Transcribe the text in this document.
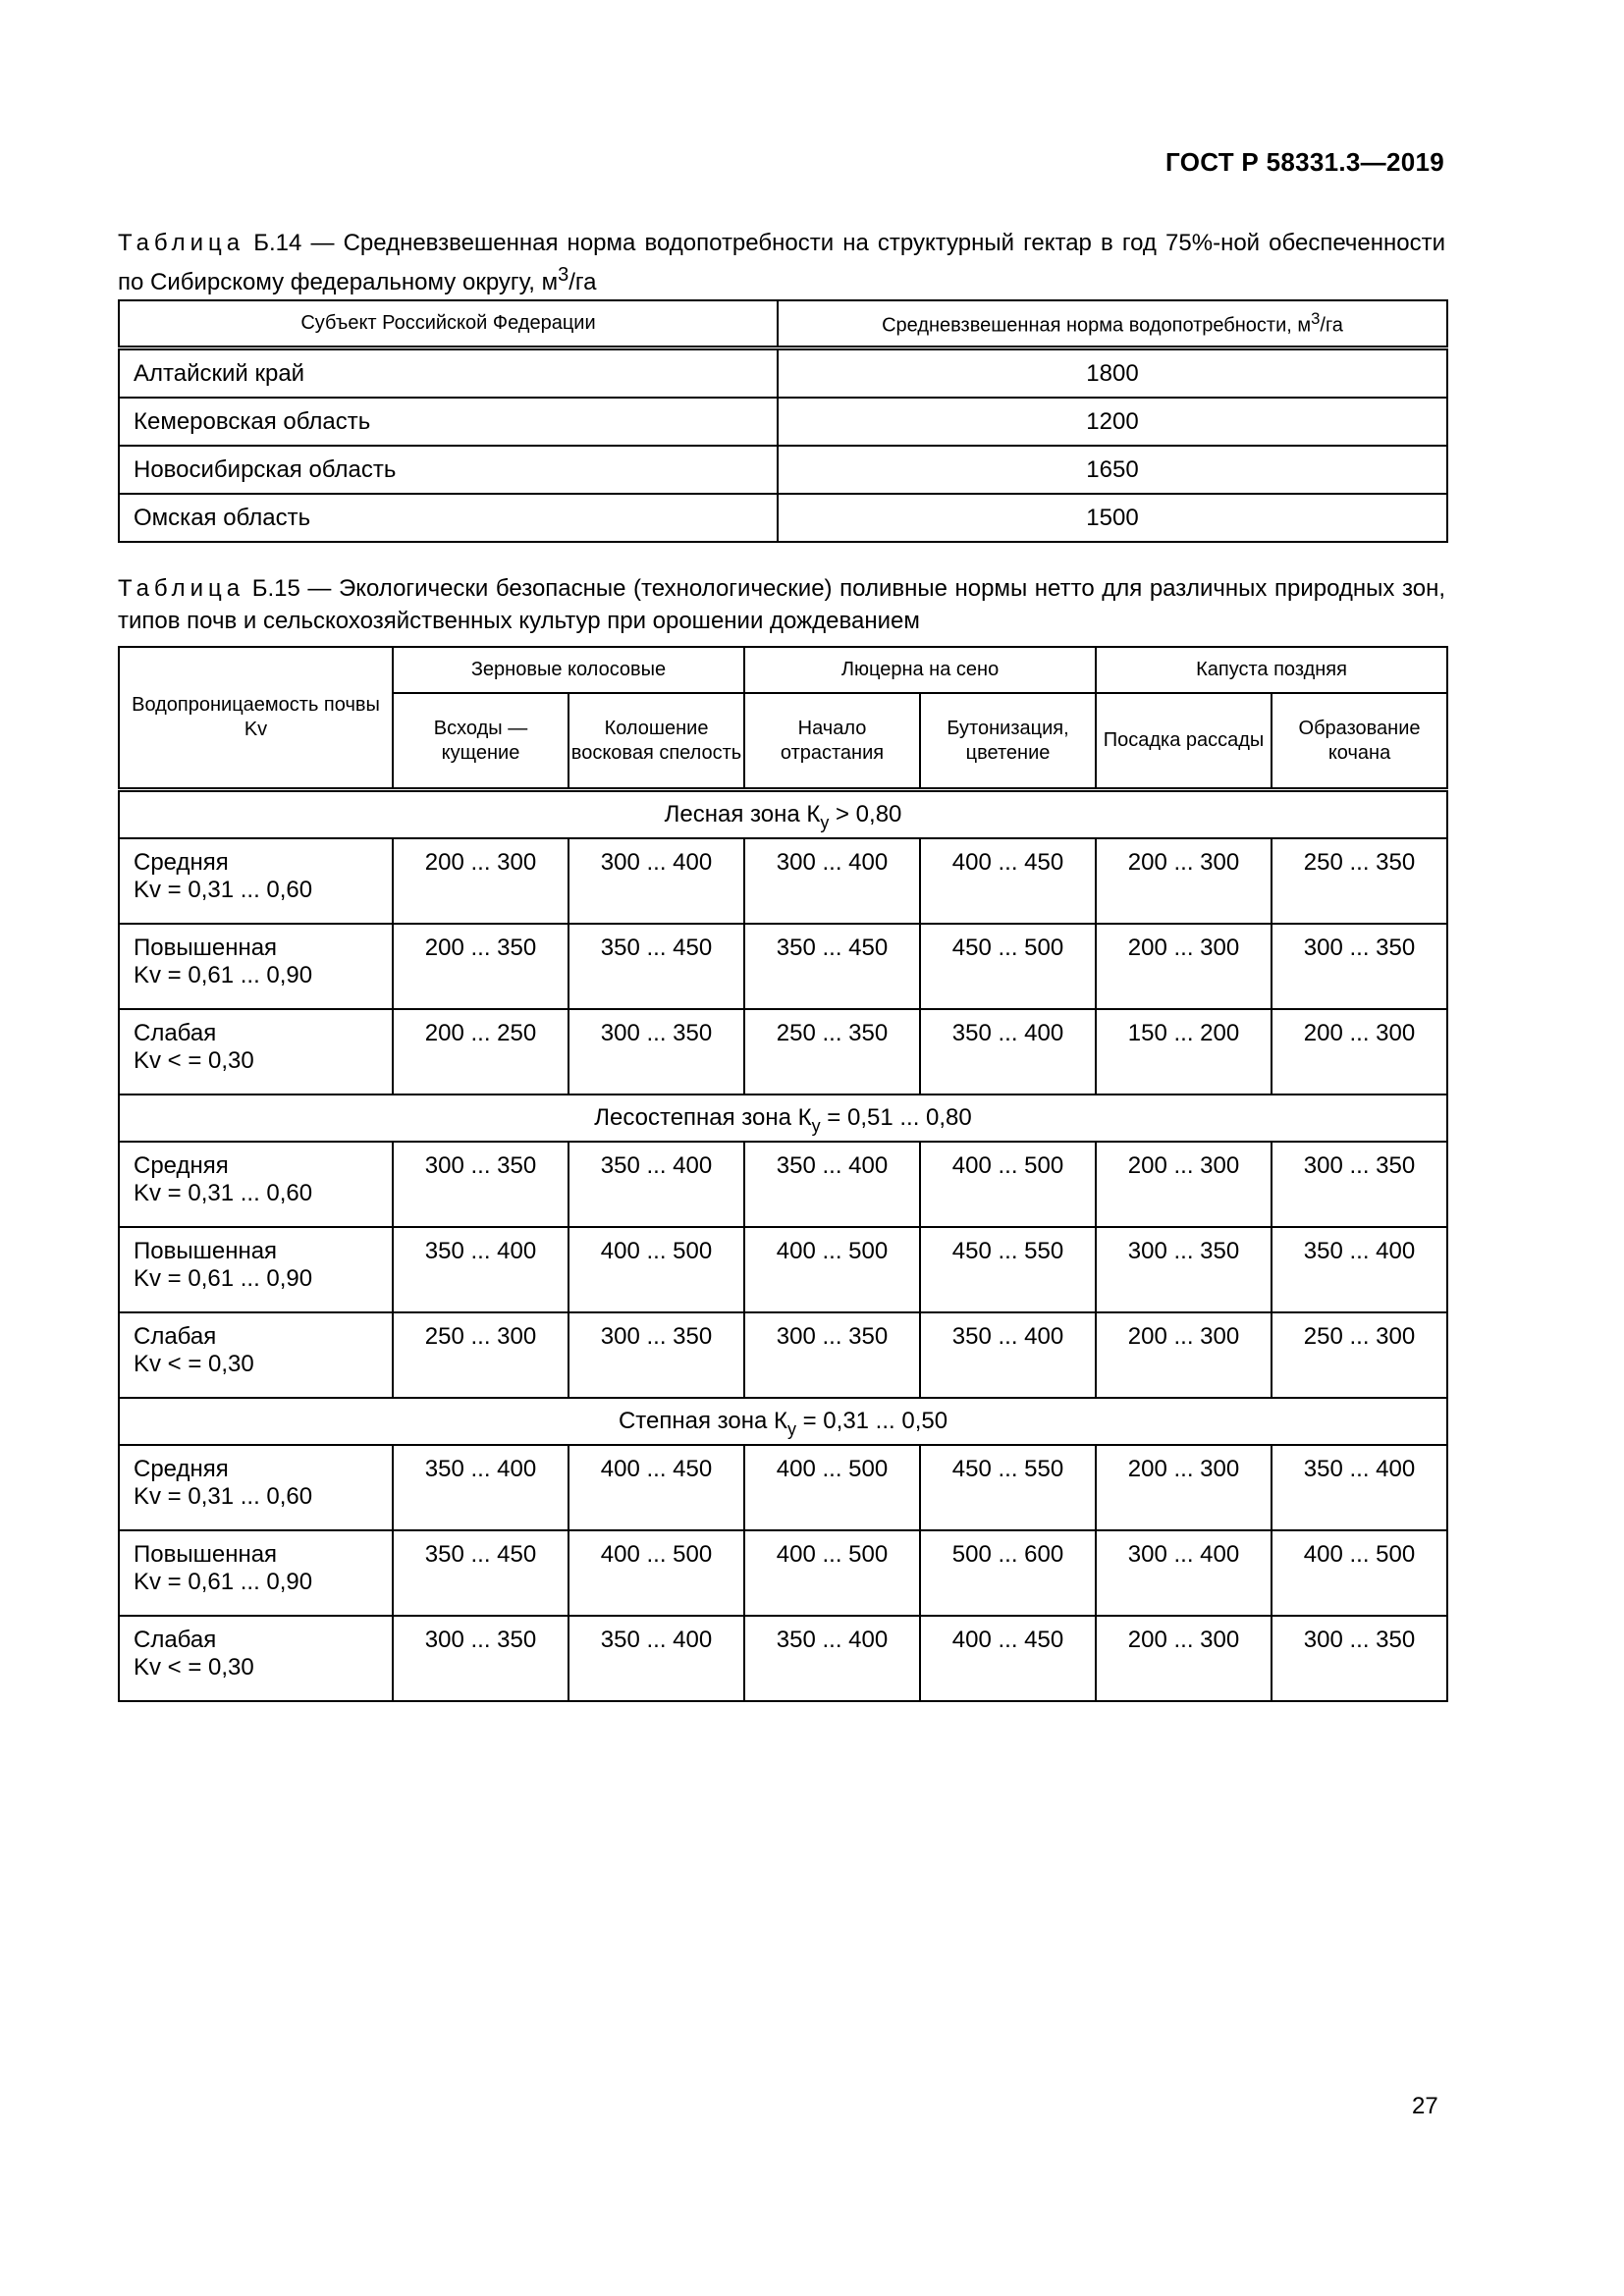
ГОСТ Р 58331.3—2019
Таблица Б.14 — Средневзвешенная норма водопотребности на структурный гектар в год 75%-ной обеспеченности по Сибирскому федеральному округу, $м^3/га$
Субъект Российской Федерации	Средневзвешенная норма водопотребности, $м^3/га$
Алтайский край	1800
Кемеровская область	1200
Новосибирская область	1650
Омская область	1500
Таблица Б.15 — Экологически безопасные (технологические) поливные нормы нетто для различных природных зон, типов почв и сельскохозяйственных культур при орошении дождеванием
Водопроницаемость почвы Kv	Зерновые колосовые		Люцерна на сено		Капуста поздняя	
	Всходы — кущение	Колошение восковая спелость	Начало отрастания	Бутонизация, цветение	Посадка рассады	Образование кочана
Лесная зона $К_у > 0,80$						

Средняя
Kv = 0,31 ... 0,60	200 ... 300	300 ... 400	300 ... 400	400 ... 450	200 ... 300	250 ... 350

Повышенная
Kv = 0,61 ... 0,90	200 ... 350	350 ... 450	350 ... 450	450 ... 500	200 ... 300	300 ... 350

Слабая
Kv < = 0,30	200 ... 250	300 ... 350	250 ... 350	350 ... 400	150 ... 200	200 ... 300
Лесостепная зона $К_у = 0,51$ ... 0,80						

Средняя
Kv = 0,31 ... 0,60	300 ... 350	350 ... 400	350 ... 400	400 ... 500	200 ... 300	300 ... 350

Повышенная
Kv = 0,61 ... 0,90	350 ... 400	400 ... 500	400 ... 500	450 ... 550	300 ... 350	350 ... 400

Слабая
Kv < = 0,30	250 ... 300	300 ... 350	300 ... 350	350 ... 400	200 ... 300	250 ... 300
Степная зона $К_у = 0,31$ ... 0,50						

Средняя
Kv = 0,31 ... 0,60	350 ... 400	400 ... 450	400 ... 500	450 ... 550	200 ... 300	350 ... 400

Повышенная
Kv = 0,61 ... 0,90	350 ... 450	400 ... 500	400 ... 500	500 ... 600	300 ... 400	400 ... 500

Слабая
Kv < = 0,30	300 ... 350	350 ... 400	350 ... 400	400 ... 450	200 ... 300	300 ... 350
27
